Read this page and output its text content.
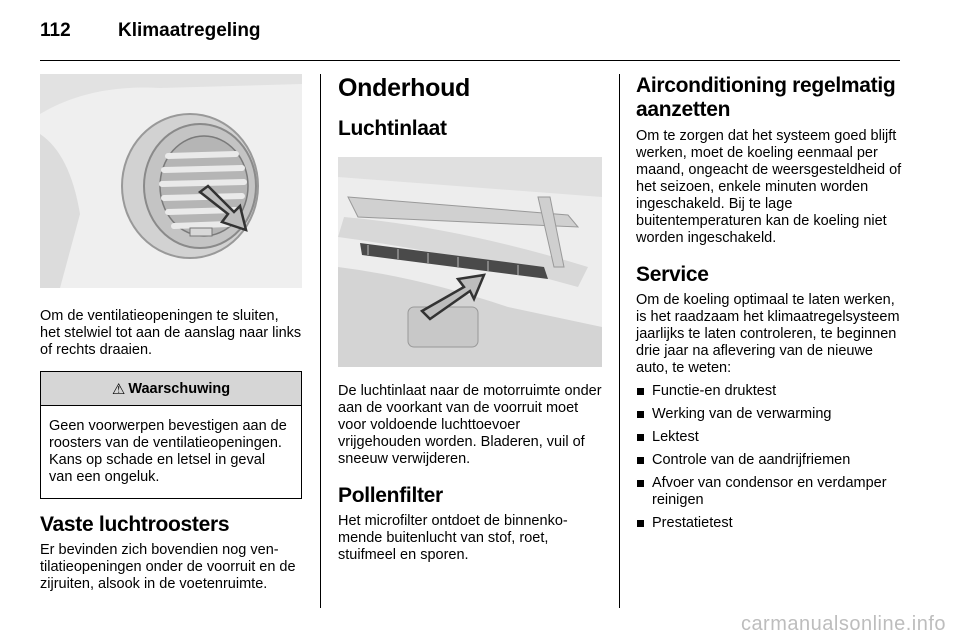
112 Klimaatregeling

Om de ventilatieopeningen te sluiten, het stelwiel tot aan de aanslag naar links of rechts draaien.

⚠ Waarschuwing

Geen voorwerpen bevestigen aan de roosters van de ventilatieopeningen. Kans op schade en letsel in geval van een ongeluk.

Vaste luchtroosters

Er bevinden zich bovendien nog ventilatieopeningen onder de voorruit en de zijruiten, alsook in de voetenruimte.

Onderhoud
Luchtinlaat

De luchtinlaat naar de motorruimte onder aan de voorkant van de voorruit moet voor voldoende luchttoevoer vrijgehouden worden. Bladeren, vuil of sneeuw verwijderen.

Pollenfilter

Het microfilter ontdoet de binnenkomende buitenlucht van stof, roet, stuifmeel en sporen.

Airconditioning regelmatig aanzetten

Om te zorgen dat het systeem goed blijft werken, moet de koeling eenmaal per maand, ongeacht de weersgesteldheid of het seizoen, enkele minuten worden ingeschakeld. Bij te lage buitentemperaturen kan de koeling niet worden ingeschakeld.

Service

Om de koeling optimaal te laten werken, is het raadzaam het klimaatregelsysteem jaarlijks te laten controleren, te beginnen drie jaar na aflevering van de nieuwe auto, te weten:

Functie-en druktest
Werking van de verwarming
Lektest
Controle van de aandrijfriemen
Afvoer van condensor en verdamper reinigen
Prestatietest
carmanualsonline.info
